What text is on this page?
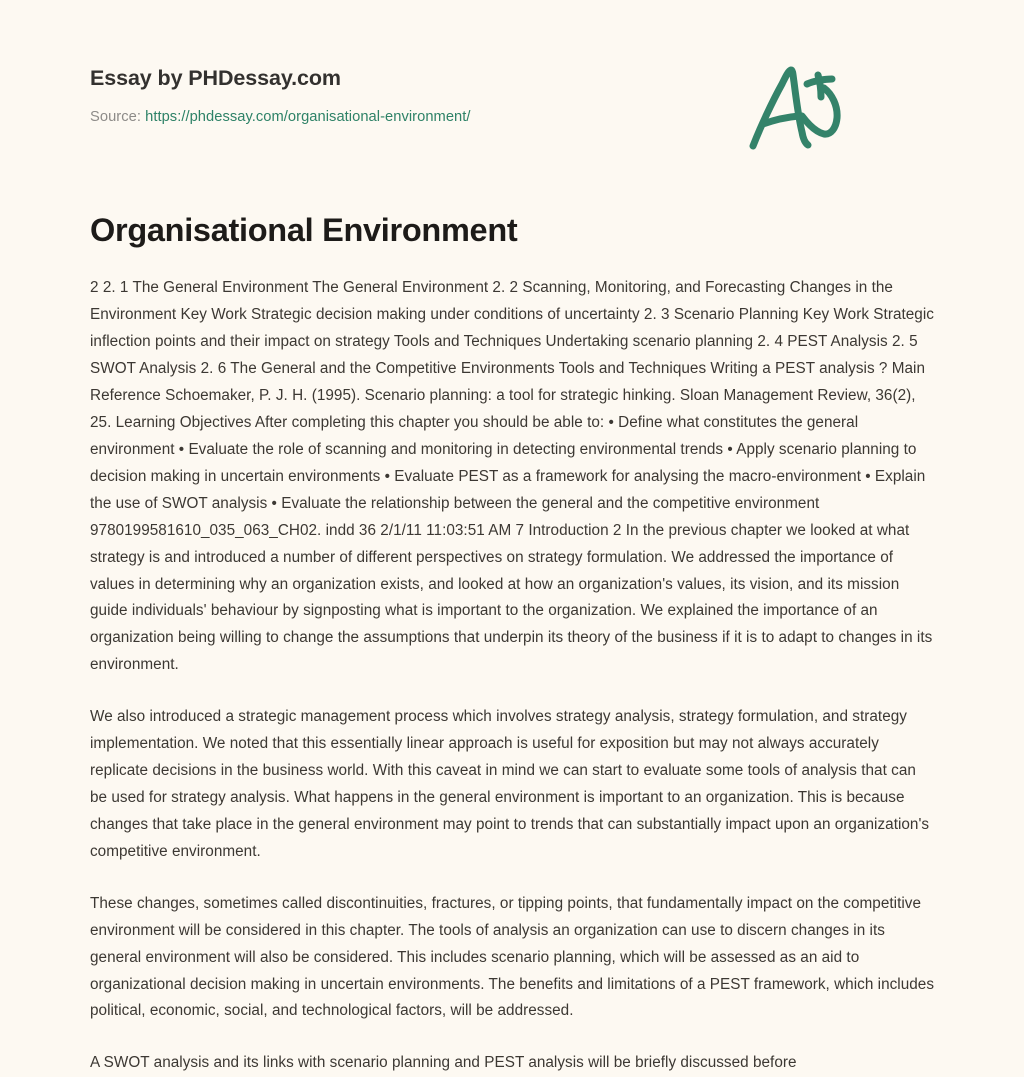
Essay by PHDessay.com
Source: https://phdessay.com/organisational-environment/
Organisational Environment

2 2. 1 The General Environment The General Environment 2. 2 Scanning, Monitoring, and Forecasting Changes in the Environment Key Work Strategic decision making under conditions of uncertainty 2. 3 Scenario Planning Key Work Strategic inflection points and their impact on strategy Tools and Techniques Undertaking scenario planning 2. 4 PEST Analysis 2. 5 SWOT Analysis 2. 6 The General and the Competitive Environments Tools and Techniques Writing a PEST analysis ? Main Reference Schoemaker, P. J. H. (1995). Scenario planning: a tool for strategic hinking. Sloan Management Review, 36(2), 25. Learning Objectives After completing this chapter you should be able to: • Define what constitutes the general environment • Evaluate the role of scanning and monitoring in detecting environmental trends • Apply scenario planning to decision making in uncertain environments • Evaluate PEST as a framework for analysing the macro-environment • Explain the use of SWOT analysis • Evaluate the relationship between the general and the competitive environment 9780199581610_035_063_CH02. indd 36 2/1/11 11:03:51 AM 7 Introduction 2 In the previous chapter we looked at what strategy is and introduced a number of different perspectives on strategy formulation. We addressed the importance of values in determining why an organization exists, and looked at how an organization's values, its vision, and its mission guide individuals' behaviour by signposting what is important to the organization. We explained the importance of an organization being willing to change the assumptions that underpin its theory of the business if it is to adapt to changes in its environment.

We also introduced a strategic management process which involves strategy analysis, strategy formulation, and strategy implementation. We noted that this essentially linear approach is useful for exposition but may not always accurately replicate decisions in the business world. With this caveat in mind we can start to evaluate some tools of analysis that can be used for strategy analysis. What happens in the general environment is important to an organization. This is because changes that take place in the general environment may point to trends that can substantially impact upon an organization's competitive environment.

These changes, sometimes called discontinuities, fractures, or tipping points, that fundamentally impact on the competitive environment will be considered in this chapter. The tools of analysis an organization can use to discern changes in its general environment will also be considered. This includes scenario planning, which will be assessed as an aid to organizational decision making in uncertain environments. The benefits and limitations of a PEST framework, which includes political, economic, social, and technological factors, will be addressed.

A SWOT analysis and its links with scenario planning and PEST analysis will be briefly discussed before
